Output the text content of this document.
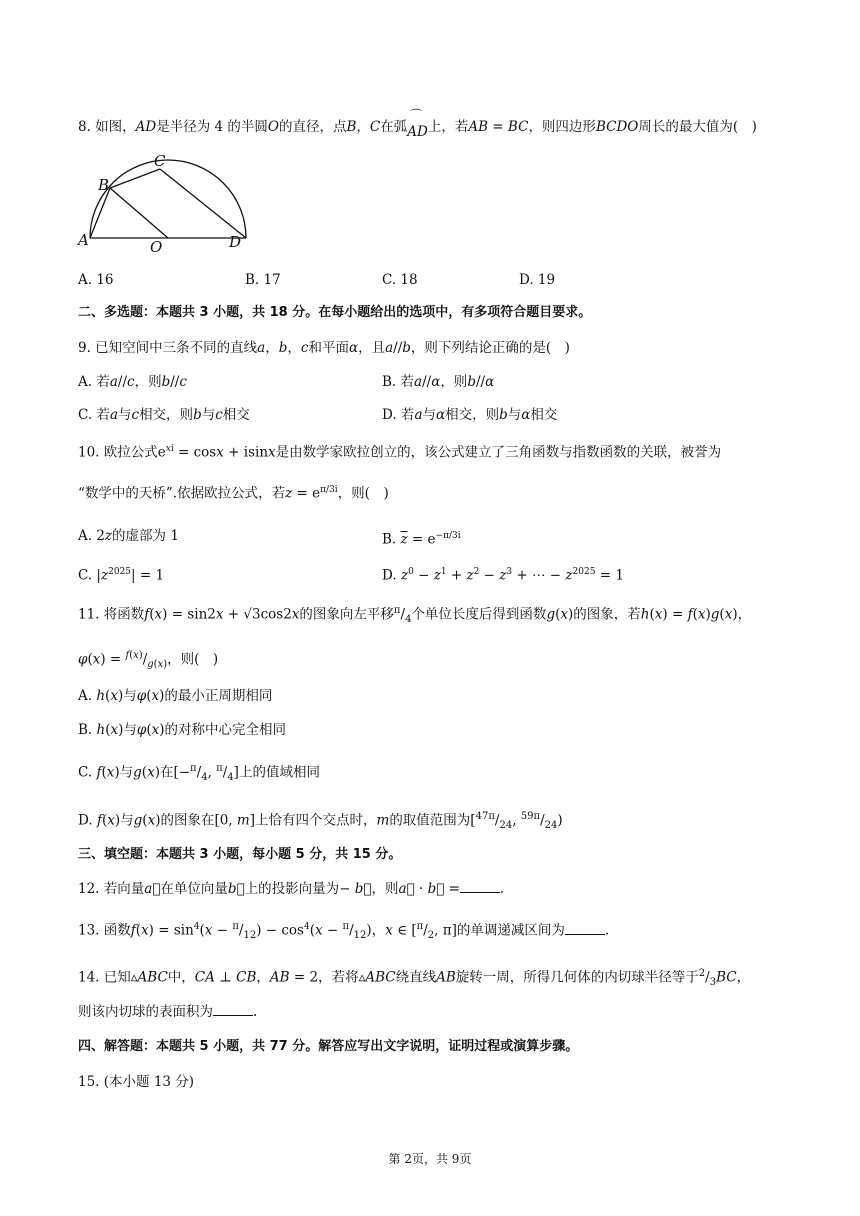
8. 如图，AD是半径为 4 的半圆O的直径，点B，C在弧
⌒
AD上，若AB = BC，则四边形BCDO周长的最大值为(　)
A
B
C
O	D
A. 16	B. 17	C. 18	D. 19
二、多选题：本题共 3 小题，共 18 分。在每小题给出的选项中，有多项符合题目要求。
9. 已知空间中三条不同的直线a，b，c和平面α，且a//b，则下列结论正确的是(　)
A. 若a//c，则b//c	B. 若a//α，则b//α
C. 若a与c相交，则b与c相交	D. 若a与α相交，则b与α相交
10. 欧拉公式$e^{xi} = \cos x + isinx$是由数学家欧拉创立的，该公式建立了三角函数与指数函数的关联，被誉为
“数学中的天桥”.依据欧拉公式，若$z = e^{\pi/3i}$，则(　)
A. 2z的虚部为 1	B. $\overline{z} = e^{-\pi/3i}$
C. $|z^{2025}| = 1$	D. $z^0 - z^1 + z^2 - z^3$ + ⋯ − $z^{2025} = 1$
11. 将函数f(x) = sin2x + √3cos2x的图象向左平移$^\pi/_4$个单位长度后得到函数g(x)的图象，若h(x) = f(x)g(x)，
$\varphi(x) = ^{f(x)}/_{g(x)}$，则(　)
A. h(x)与φ(x)的最小正周期相同
B. h(x)与φ(x)的对称中心完全相同
C. f(x)与g(x)在[$-^\pi/_4$, $^\pi/_4$]上的值域相同
D. f(x)与g(x)的图象在[0, m]上恰有四个交点时，m的取值范围为[$^{47\pi}/_{24}$, $^{59\pi}/_{24}$)
三、填空题：本题共 3 小题，每小题 5 分，共 15 分。
12. 若向量a⃗在单位向量b⃗上的投影向量为− b⃗，则a⃗ · b⃗ =	.
13. 函数$f(x) = \sin^4(x - ^\pi/_{12}) - \cos^4(x - ^\pi/_{12})$，x ∈ [$^\pi/_2$, π]的单调递减区间为	.
14. 已知▵ABC中，CA ⊥ CB，AB = 2，若将▵ABC绕直线AB旋转一周，所得几何体的内切球半径等于$^2/_3BC$，
则该内切球的表面积为	.
四、解答题：本题共 5 小题，共 77 分。解答应写出文字说明，证明过程或演算步骤。
15. (本小题 13 分)
第 2页，共 9页
